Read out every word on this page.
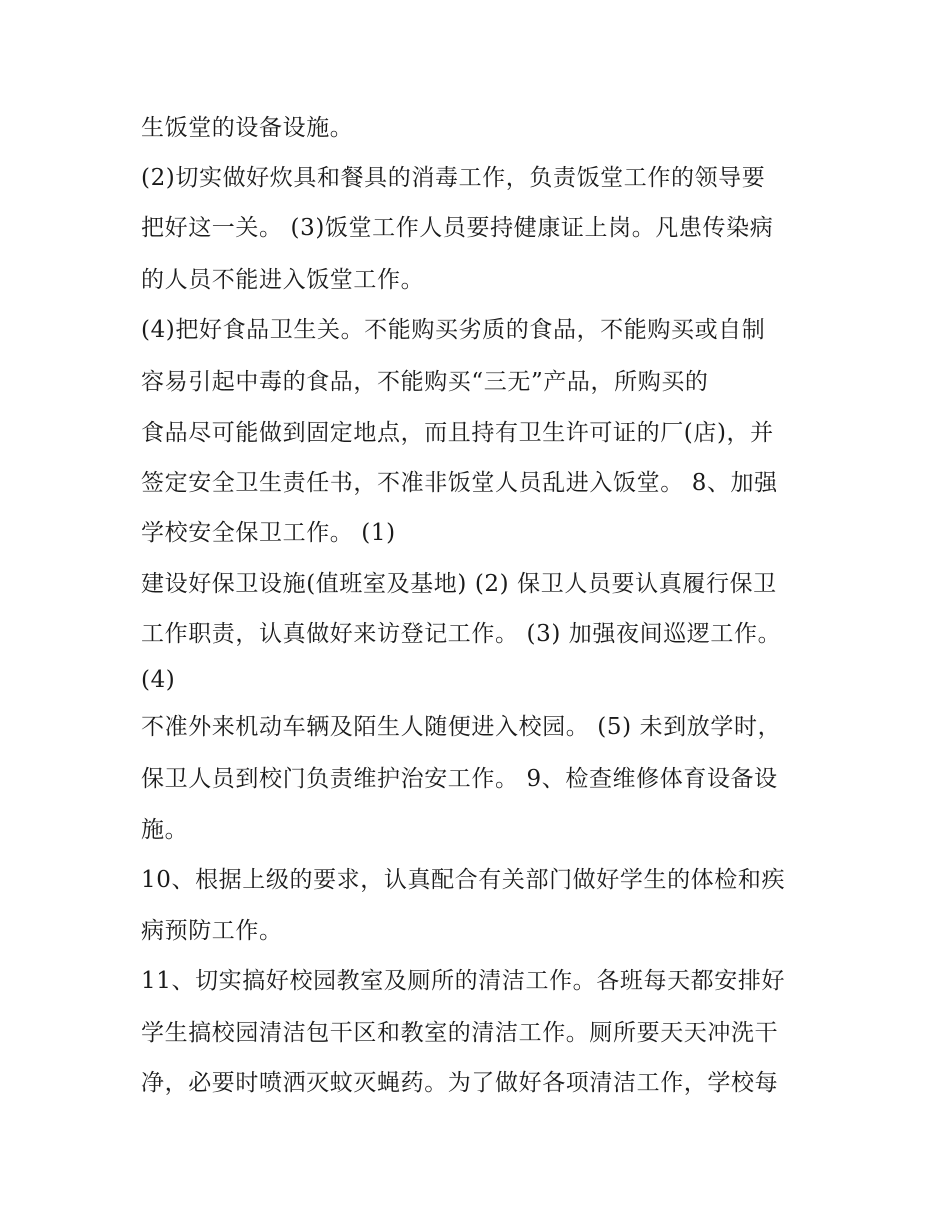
生饭堂的设备设施。
(2)切实做好炊具和餐具的消毒工作，负责饭堂工作的领导要
把好这一关。 (3)饭堂工作人员要持健康证上岗。凡患传染病
的人员不能进入饭堂工作。
(4)把好食品卫生关。不能购买劣质的食品，不能购买或自制
容易引起中毒的食品，不能购买“三无”产品，所购买的
食品尽可能做到固定地点，而且持有卫生许可证的厂(店)，并
签定安全卫生责任书，不准非饭堂人员乱进入饭堂。 8、加强
学校安全保卫工作。 (1)
建设好保卫设施(值班室及基地) (2) 保卫人员要认真履行保卫
工作职责，认真做好来访登记工作。 (3) 加强夜间巡逻工作。
(4)
不准外来机动车辆及陌生人随便进入校园。 (5) 未到放学时，
保卫人员到校门负责维护治安工作。 9、检查维修体育设备设
施。
10、根据上级的要求，认真配合有关部门做好学生的体检和疾
病预防工作。
11、切实搞好校园教室及厕所的清洁工作。各班每天都安排好
学生搞校园清洁包干区和教室的清洁工作。厕所要天天冲洗干
净，必要时喷洒灭蚊灭蝇药。为了做好各项清洁工作，学校每
